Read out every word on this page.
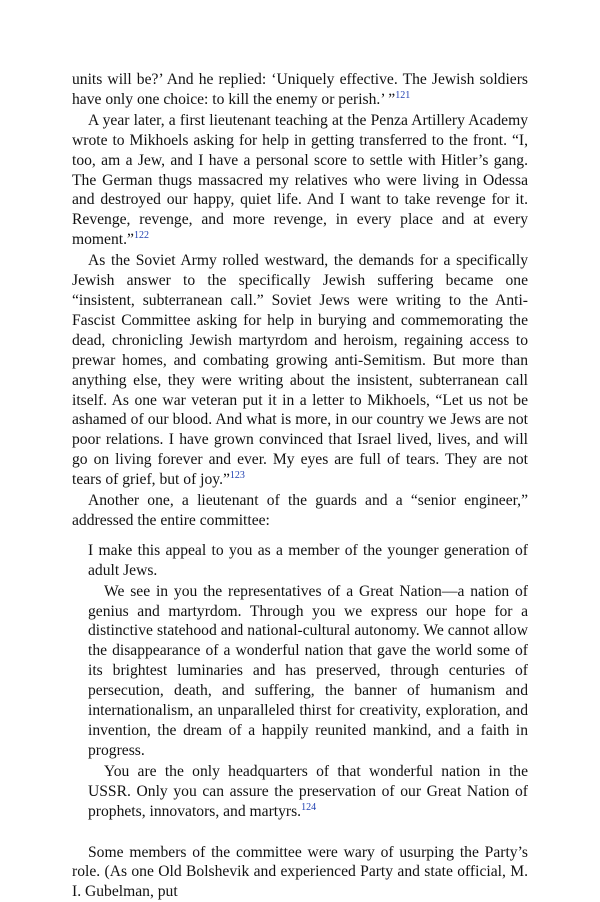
units will be?’ And he replied: ‘Uniquely effective. The Jewish soldiers have only one choice: to kill the enemy or perish.’ ”$^{121}$

A year later, a first lieutenant teaching at the Penza Artillery Academy wrote to Mikhoels asking for help in getting transferred to the front. “I, too, am a Jew, and I have a personal score to settle with Hitler’s gang. The German thugs massacred my relatives who were living in Odessa and destroyed our happy, quiet life. And I want to take revenge for it. Revenge, revenge, and more revenge, in every place and at every moment.”$^{122}$

As the Soviet Army rolled westward, the demands for a specifically Jewish answer to the specifically Jewish suffering became one “insistent, subterranean call.” Soviet Jews were writing to the Anti-Fascist Committee asking for help in burying and commemorating the dead, chronicling Jewish martyrdom and heroism, regaining access to prewar homes, and combating growing anti-Semitism. But more than anything else, they were writing about the insistent, subterranean call itself. As one war veteran put it in a letter to Mikhoels, “Let us not be ashamed of our blood. And what is more, in our country we Jews are not poor relations. I have grown convinced that Israel lived, lives, and will go on living forever and ever. My eyes are full of tears. They are not tears of grief, but of joy.”$^{123}$

Another one, a lieutenant of the guards and a “senior engineer,” addressed the entire committee:

I make this appeal to you as a member of the younger generation of adult Jews.

We see in you the representatives of a Great Nation—a nation of genius and martyrdom. Through you we express our hope for a distinctive statehood and national-cultural autonomy. We cannot allow the disappearance of a wonderful nation that gave the world some of its brightest luminaries and has preserved, through centuries of persecution, death, and suffering, the banner of humanism and internationalism, an unparalleled thirst for creativity, exploration, and invention, the dream of a happily reunited mankind, and a faith in progress.

You are the only headquarters of that wonderful nation in the USSR. Only you can assure the preservation of our Great Nation of prophets, innovators, and martyrs.$^{124}$

Some members of the committee were wary of usurping the Party’s role. (As one Old Bolshevik and experienced Party and state official, M. I. Gubelman, put
